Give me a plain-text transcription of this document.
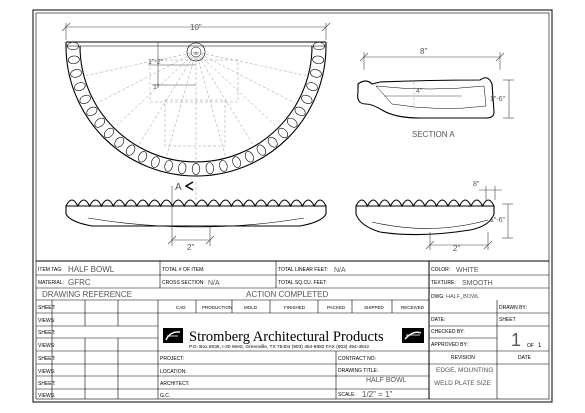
10"
1"-2"
1"
8"
4"
1"-6"
SECTION A
A
2"
8"
1"-6"
2"
ITEM TAG: HALF BOWL	TOTAL # OF ITEM:	TOTAL LINEAR FEET: N/A	COLOR: WHITE
MATERIAL: GFRC	CROSS SECTION: N/A	TOTAL SQ.CU. FEET:	TEXTURE: SMOOTH
DRAWING REFERENCE	ACTION COMPLETED	DWG: HALF_BOWL
DRAWN BY:
CAD	PRODUCTION	MOLD	FINISHED	PACKED	SHIPPED	RECEIVED
SHEET:
VIEWS:
SHEET:
VIEWS:
SHEET:
VIEWS:
SHEET:
VIEWS:
Stromberg Architectural Products
P.O. Box 8036, I-30 West, Greenville, TX 75404 (903) 454-8682 FAX (903) 454-3642
DATE:
CHECKED BY:
APPROVED BY:
SHEET
1 OF 1
REVISION	DATE
EDGE, MOUNTING
WELD PLATE SIZE
PROJECT:
LOCATION:
ARCHITECT:
G.C.
CONTRACT NO:
DRAWING TITLE:
HALF BOWL
SCALE: 1/2" = 1"
